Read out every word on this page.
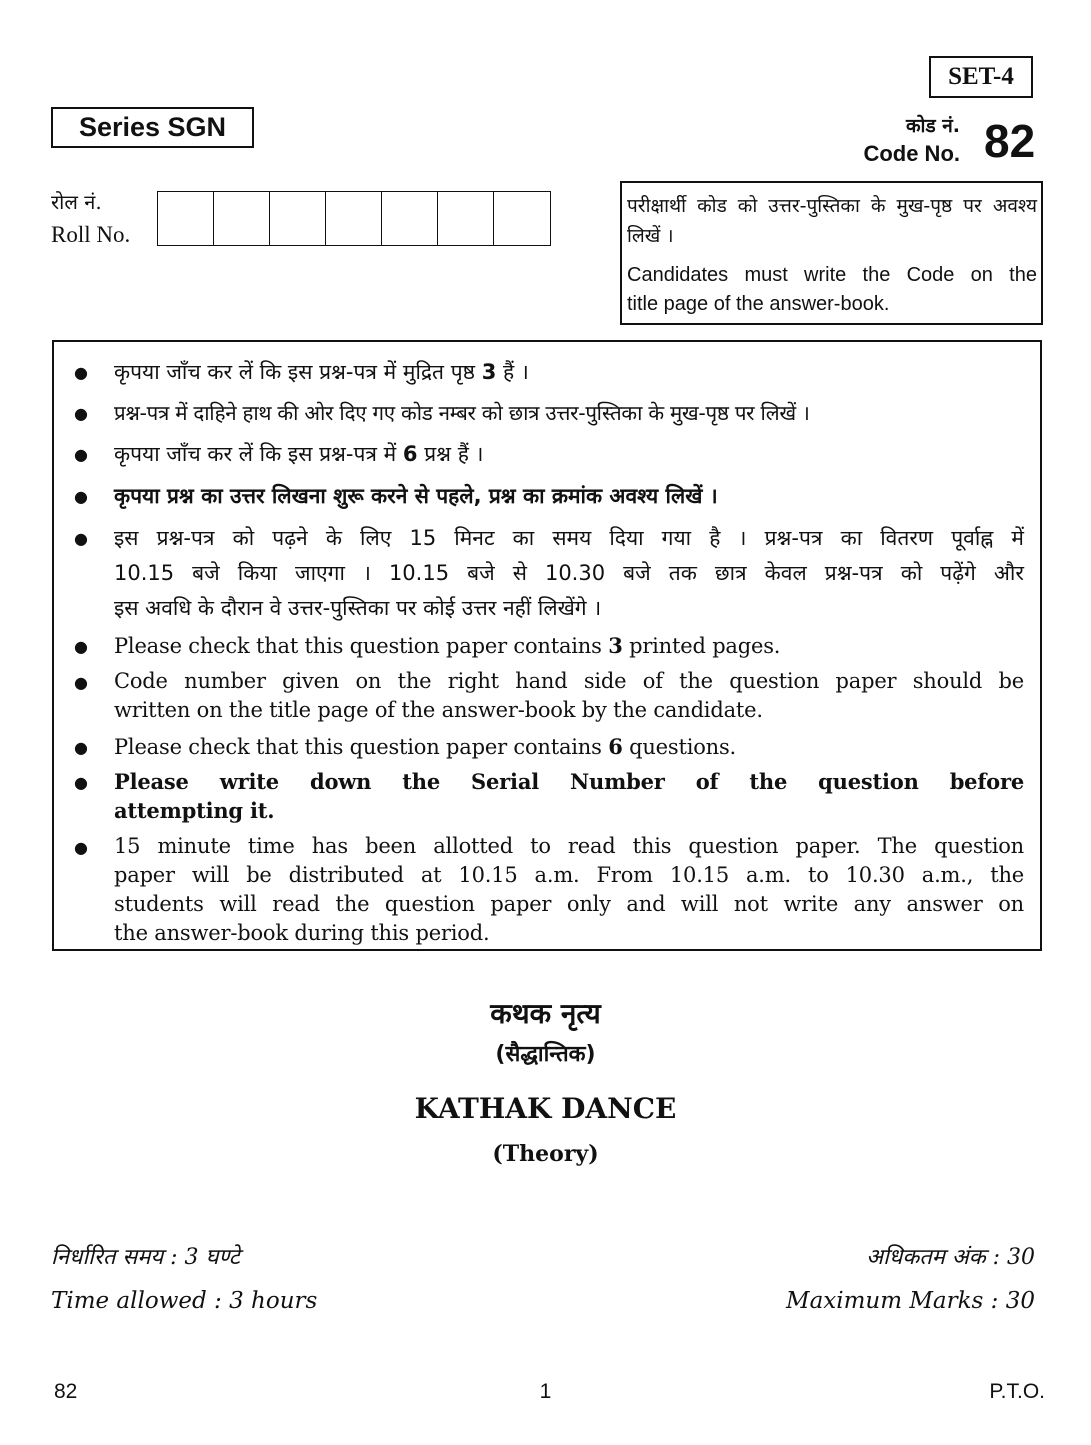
SET-4
Series SGN	कोड नं.
Code No. 82
रोल नं.
Roll No.
परीक्षार्थी कोड को उत्तर-पुस्तिका के मुख-पृष्ठ पर अवश्य लिखें ।
Candidates must write the Code on the
title page of the answer-book.
● कृपया जाँच कर लें कि इस प्रश्न-पत्र में मुद्रित पृष्ठ 3 हैं ।
● प्रश्न-पत्र में दाहिने हाथ की ओर दिए गए कोड नम्बर को छात्र उत्तर-पुस्तिका के मुख-पृष्ठ पर लिखें ।
● कृपया जाँच कर लें कि इस प्रश्न-पत्र में 6 प्रश्न हैं ।
● कृपया प्रश्न का उत्तर लिखना शुरू करने से पहले, प्रश्न का क्रमांक अवश्य लिखें ।
● इस प्रश्न-पत्र को पढ़ने के लिए 15 मिनट का समय दिया गया है । प्रश्न-पत्र का वितरण पूर्वाह्न में
10.15 बजे किया जाएगा । 10.15 बजे से 10.30 बजे तक छात्र केवल प्रश्न-पत्र को पढ़ेंगे और
इस अवधि के दौरान वे उत्तर-पुस्तिका पर कोई उत्तर नहीं लिखेंगे ।
● Please check that this question paper contains 3 printed pages.
● Code number given on the right hand side of the question paper should be
written on the title page of the answer-book by the candidate.
● Please check that this question paper contains 6 questions.
● Please write down the Serial Number of the question before
attempting it.
● 15 minute time has been allotted to read this question paper. The question
paper will be distributed at 10.15 a.m. From 10.15 a.m. to 10.30 a.m., the
students will read the question paper only and will not write any answer on
the answer-book during this period.
कथक नृत्य
(सैद्धान्तिक)
KATHAK DANCE
(Theory)
निर्धारित समय : 3 घण्टे
Time allowed : 3 hours
अधिकतम अंक : 30
Maximum Marks : 30
82	1	P.T.O.
